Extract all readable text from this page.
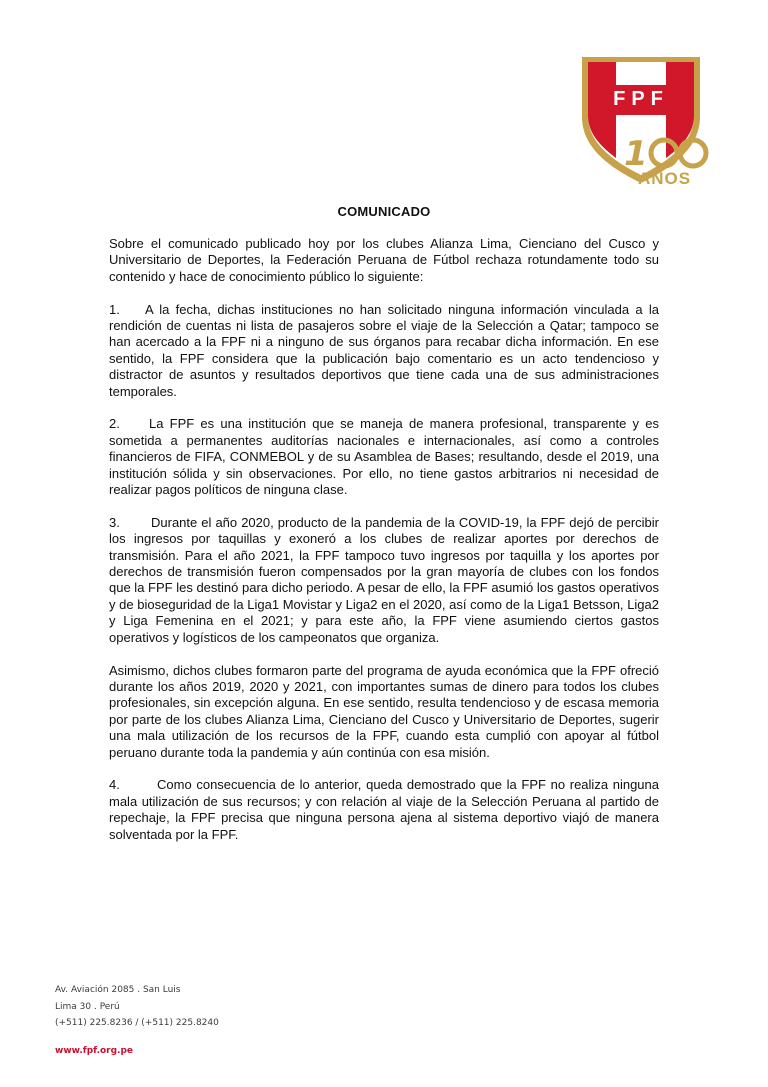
1
FPF
AÑOS
COMUNICADO

Sobre el comunicado publicado hoy por los clubes Alianza Lima, Cienciano del Cusco y Universitario de Deportes, la Federación Peruana de Fútbol rechaza rotundamente todo su contenido y hace de conocimiento público lo siguiente:

1. A la fecha, dichas instituciones no han solicitado ninguna información vinculada a la rendición de cuentas ni lista de pasajeros sobre el viaje de la Selección a Qatar; tampoco se han acercado a la FPF ni a ninguno de sus órganos para recabar dicha información. En ese sentido, la FPF considera que la publicación bajo comentario es un acto tendencioso y distractor de asuntos y resultados deportivos que tiene cada una de sus administraciones temporales.

2. La FPF es una institución que se maneja de manera profesional, transparente y es sometida a permanentes auditorías nacionales e internacionales, así como a controles financieros de FIFA, CONMEBOL y de su Asamblea de Bases; resultando, desde el 2019, una institución sólida y sin observaciones. Por ello, no tiene gastos arbitrarios ni necesidad de realizar pagos políticos de ninguna clase.

3. Durante el año 2020, producto de la pandemia de la COVID-19, la FPF dejó de percibir los ingresos por taquillas y exoneró a los clubes de realizar aportes por derechos de transmisión. Para el año 2021, la FPF tampoco tuvo ingresos por taquilla y los aportes por derechos de transmisión fueron compensados por la gran mayoría de clubes con los fondos que la FPF les destinó para dicho periodo. A pesar de ello, la FPF asumió los gastos operativos y de bioseguridad de la Liga1 Movistar y Liga2 en el 2020, así como de la Liga1 Betsson, Liga2 y Liga Femenina en el 2021; y para este año, la FPF viene asumiendo ciertos gastos operativos y logísticos de los campeonatos que organiza.

Asimismo, dichos clubes formaron parte del programa de ayuda económica que la FPF ofreció durante los años 2019, 2020 y 2021, con importantes sumas de dinero para todos los clubes profesionales, sin excepción alguna. En ese sentido, resulta tendencioso y de escasa memoria por parte de los clubes Alianza Lima, Cienciano del Cusco y Universitario de Deportes, sugerir una mala utilización de los recursos de la FPF, cuando esta cumplió con apoyar al fútbol peruano durante toda la pandemia y aún continúa con esa misión.

4.	Como consecuencia de lo anterior, queda demostrado que la FPF no realiza ninguna mala utilización de sus recursos; y con relación al viaje de la Selección Peruana al partido de repechaje, la FPF precisa que ninguna persona ajena al sistema deportivo viajó de manera solventada por la FPF.

Av. Aviación 2085 . San Luis
Lima 30 . Perú
(+511) 225.8236 / (+511) 225.8240
www.fpf.org.pe
